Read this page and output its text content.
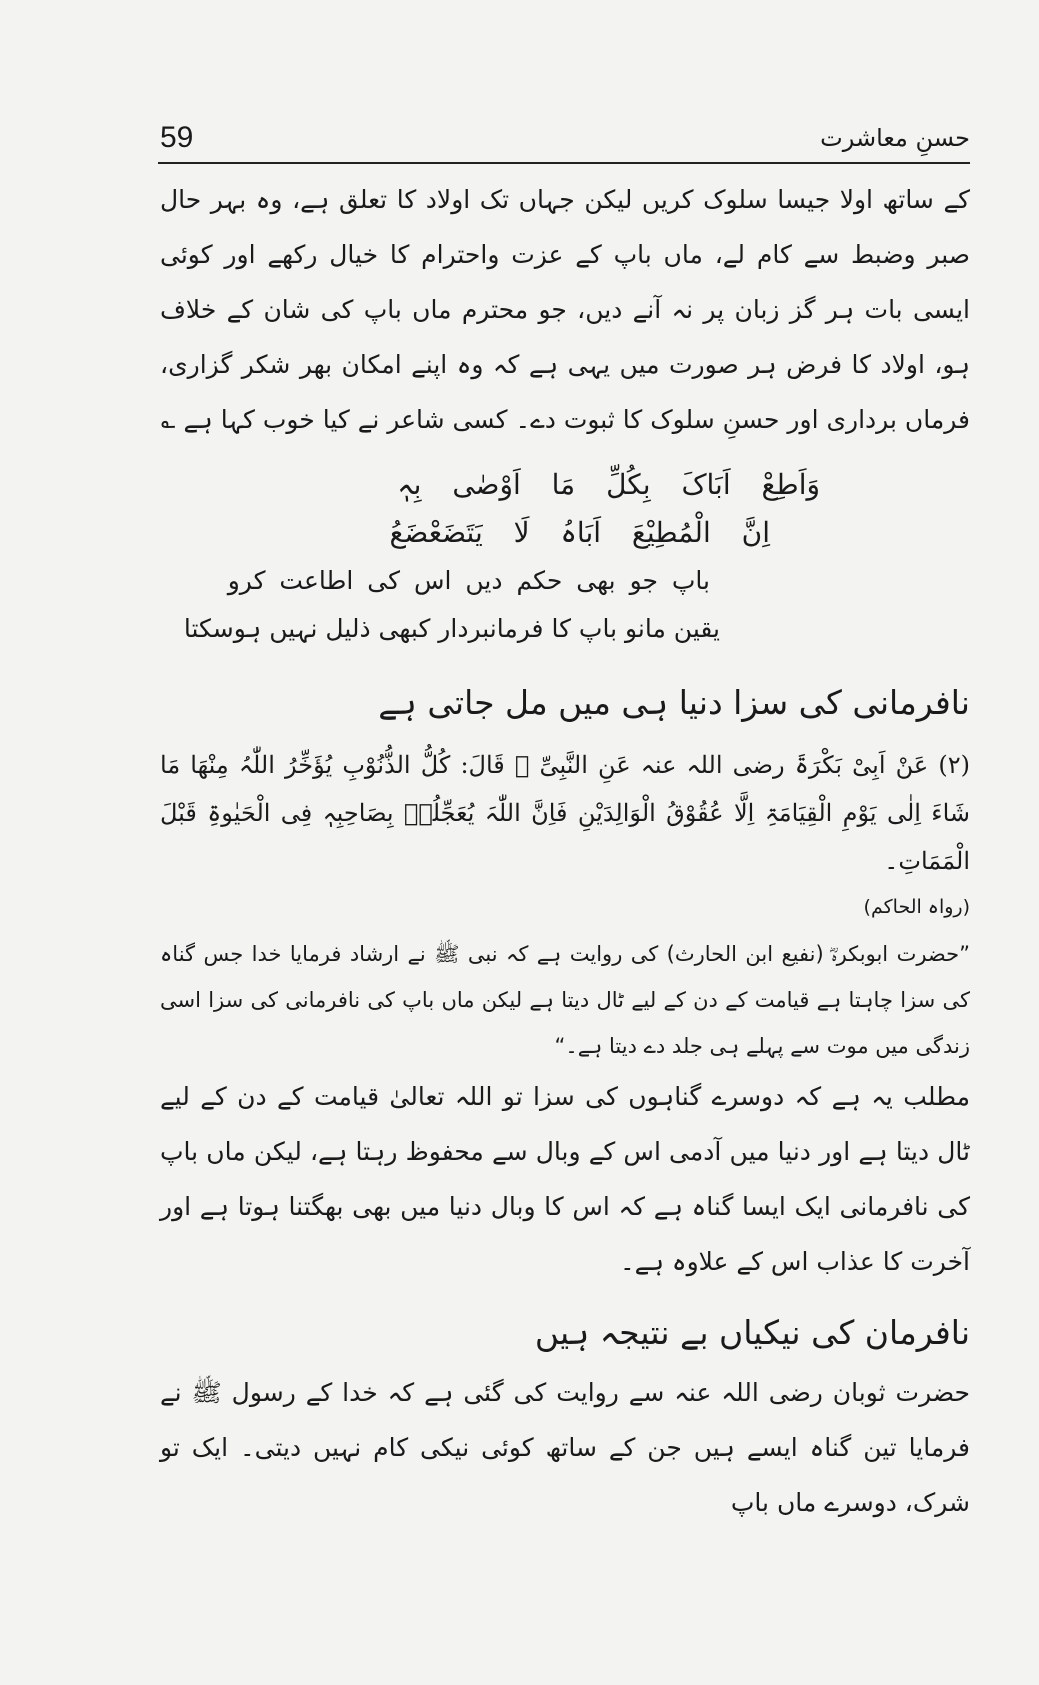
59	حسنِ معاشرت

کے ساتھ اولا جیسا سلوک کریں لیکن جہاں تک اولاد کا تعلق ہے، وہ بہر حال صبر وضبط سے کام لے، ماں باپ کے عزت واحترام کا خیال رکھے اور کوئی ایسی بات ہر گز زبان پر نہ آنے دیں، جو محترم ماں باپ کی شان کے خلاف ہو، اولاد کا فرض ہر صورت میں یہی ہے کہ وہ اپنے امکان بھر شکر گزاری، فرماں برداری اور حسنِ سلوک کا ثبوت دے۔ کسی شاعر نے کیا خوب کہا ہے ؎

وَاَطِعْ اَبَاکَ بِکُلِّ مَا اَوْصٰی بِہٖ

اِنَّ الْمُطِیْعَ اَبَاہُ لَا یَتَضَعْضَعُ

باپ جو بھی حکم دیں اس کی اطاعت کرو

یقین مانو باپ کا فرمانبردار کبھی ذلیل نہیں ہوسکتا

نافرمانی کی سزا دنیا ہی میں مل جاتی ہے

(۲) عَنْ اَبِیْ بَکْرَۃَ رضی اللہ عنہ عَنِ النَّبِیِّ ﷺ قَالَ: کُلُّ الذُّنُوْبِ یُؤَخِّرُ اللّٰہُ مِنْھَا مَا شَاءَ اِلٰی یَوْمِ الْقِیَامَۃِ اِلَّا عُقُوْقُ الْوَالِدَیْنِ فَاِنَّ اللّٰہَ یُعَجِّلُہٗ بِصَاحِبِہٖ فِی الْحَیٰوۃِ قَبْلَ الْمَمَاتِ۔

(رواہ الحاکم)

”حضرت ابوبکرہؓ (نفیع ابن الحارث) کی روایت ہے کہ نبی ﷺ نے ارشاد فرمایا خدا جس گناہ کی سزا چاہتا ہے قیامت کے دن کے لیے ٹال دیتا ہے لیکن ماں باپ کی نافرمانی کی سزا اسی زندگی میں موت سے پہلے ہی جلد دے دیتا ہے۔“

مطلب یہ ہے کہ دوسرے گناہوں کی سزا تو اللہ تعالیٰ قیامت کے دن کے لیے ٹال دیتا ہے اور دنیا میں آدمی اس کے وبال سے محفوظ رہتا ہے، لیکن ماں باپ کی نافرمانی ایک ایسا گناہ ہے کہ اس کا وبال دنیا میں بھی بھگتنا ہوتا ہے اور آخرت کا عذاب اس کے علاوہ ہے۔

نافرمان کی نیکیاں بے نتیجہ ہیں

حضرت ثوبان رضی اللہ عنہ سے روایت کی گئی ہے کہ خدا کے رسول ﷺ نے فرمایا تین گناہ ایسے ہیں جن کے ساتھ کوئی نیکی کام نہیں دیتی۔ ایک تو شرک، دوسرے ماں باپ
